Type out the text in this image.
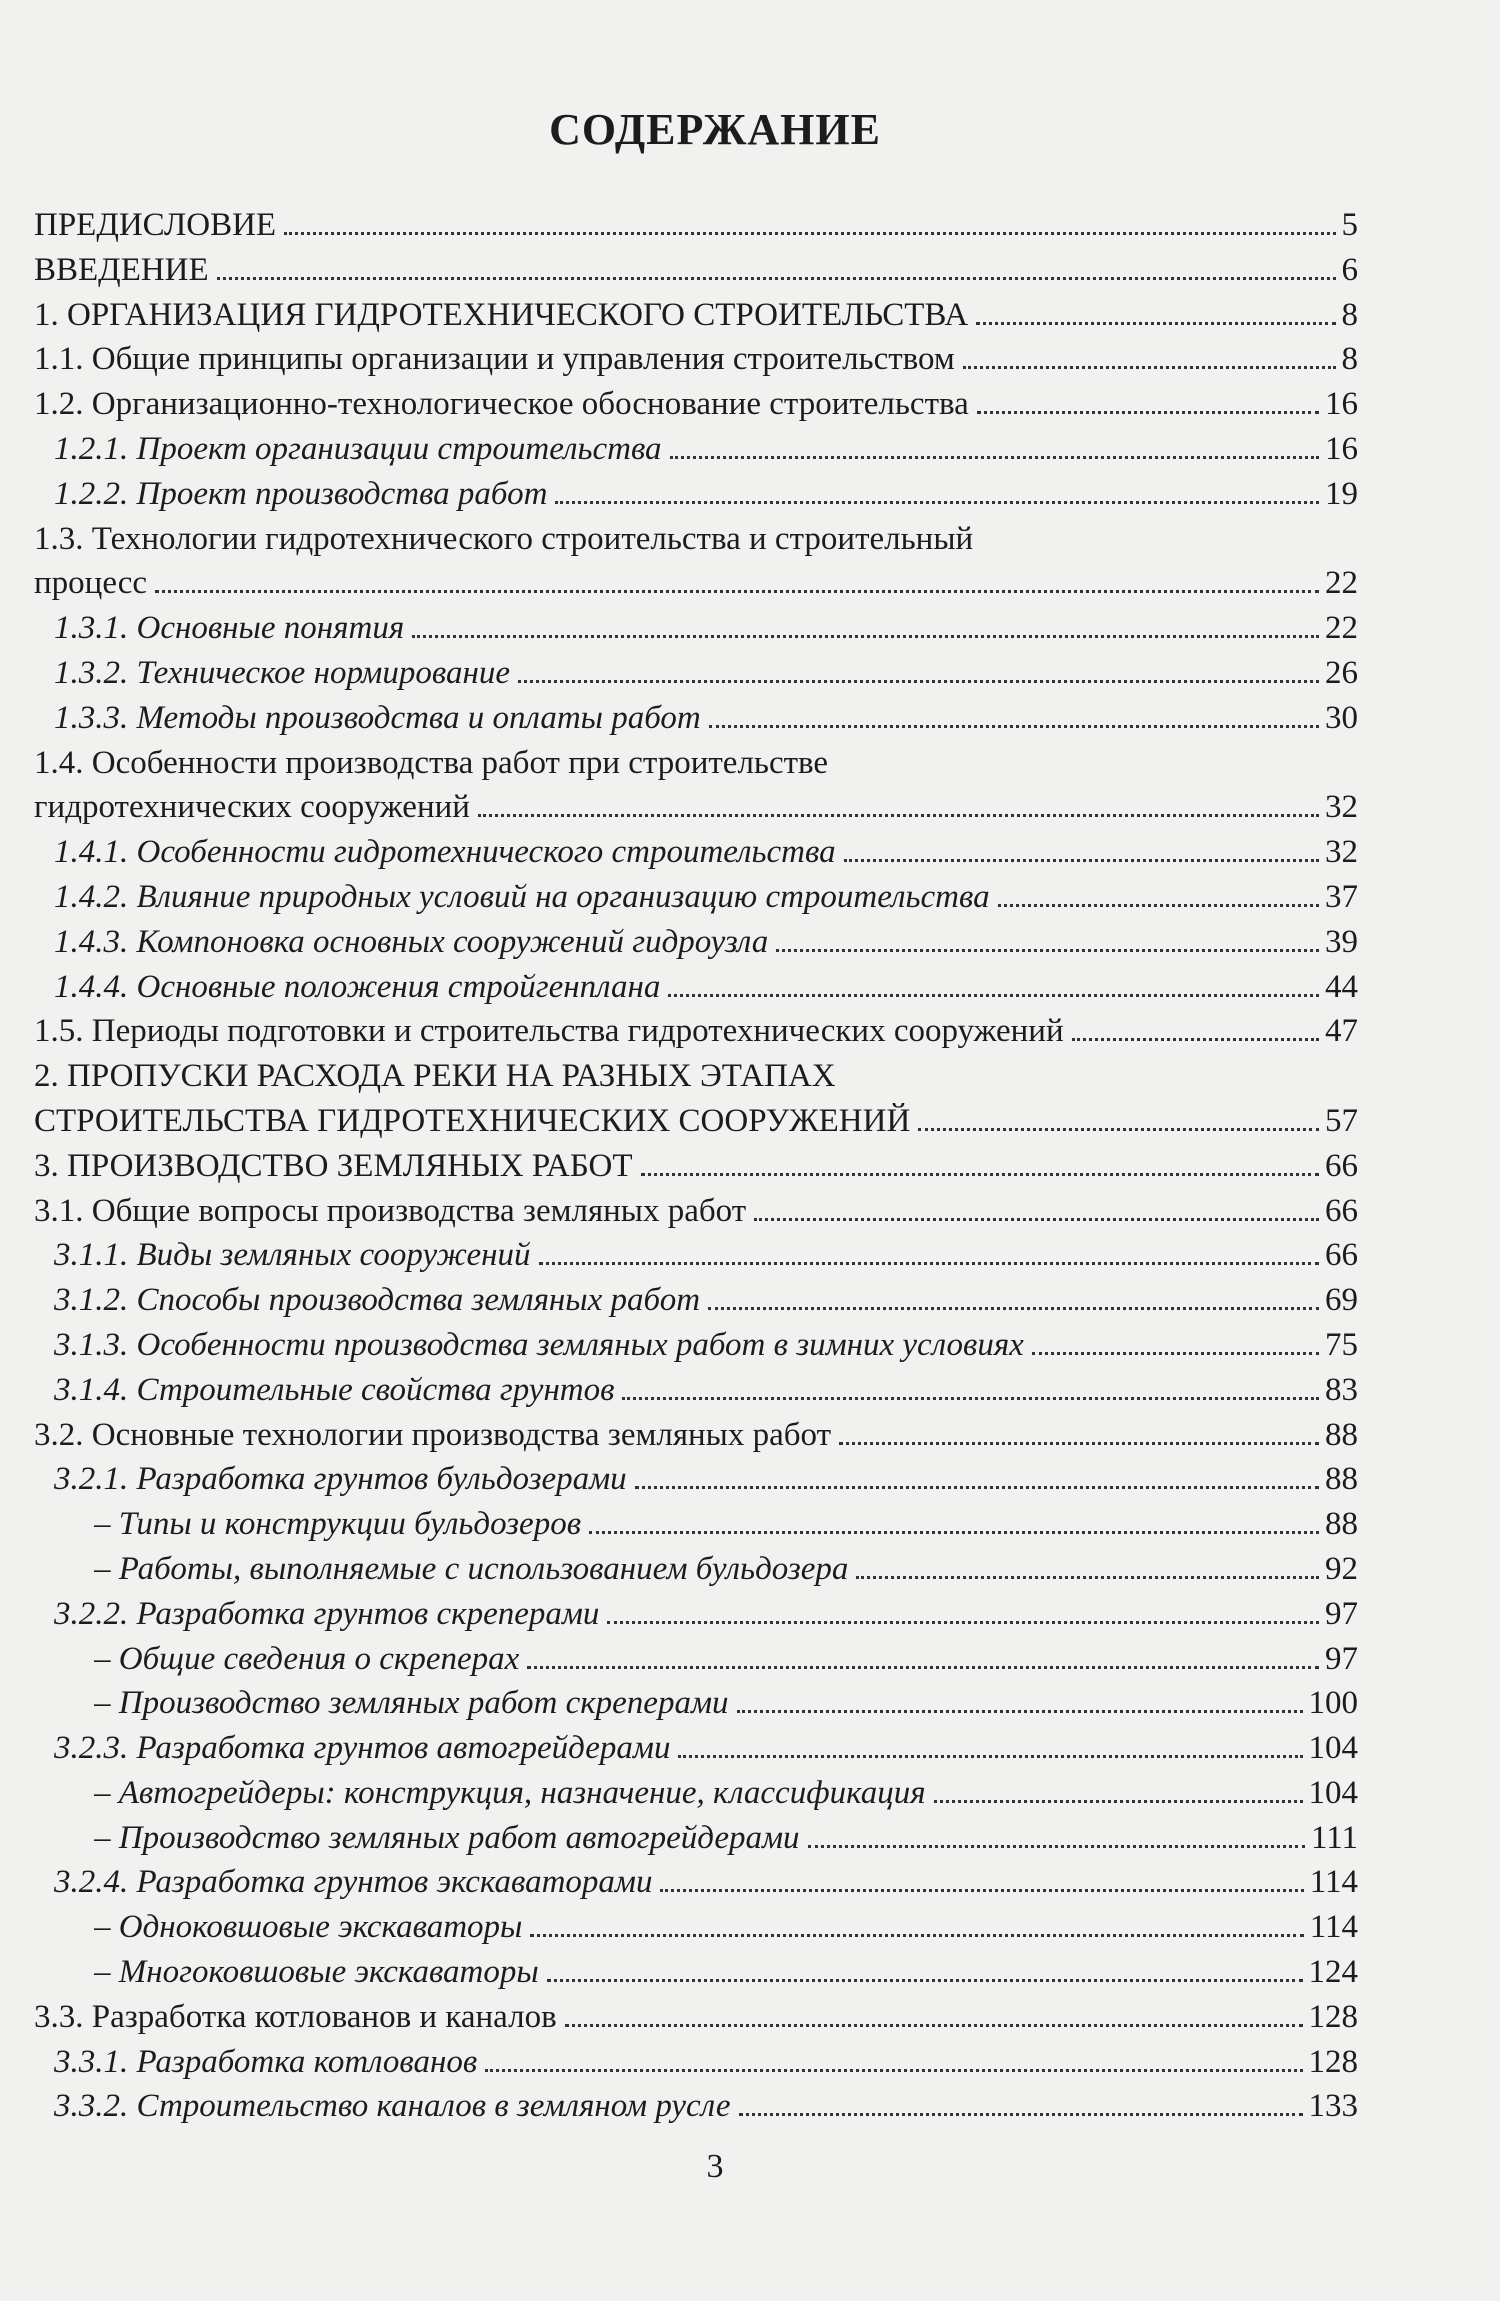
СОДЕРЖАНИЕ
ПРЕДИСЛОВИЕ	5
ВВЕДЕНИЕ	6
1. ОРГАНИЗАЦИЯ ГИДРОТЕХНИЧЕСКОГО СТРОИТЕЛЬСТВА	8
1.1. Общие принципы организации и управления строительством	8
1.2. Организационно-технологическое обоснование строительства	16
1.2.1. Проект организации строительства	16
1.2.2. Проект производства работ	19
1.3. Технологии гидротехнического строительства и строительный
процесс	22
1.3.1. Основные понятия	22
1.3.2. Техническое нормирование	26
1.3.3. Методы производства и оплаты работ	30
1.4. Особенности производства работ при строительстве
гидротехнических сооружений	32
1.4.1. Особенности гидротехнического строительства	32
1.4.2. Влияние природных условий на организацию строительства	37
1.4.3. Компоновка основных сооружений гидроузла	39
1.4.4. Основные положения стройгенплана	44
1.5. Периоды подготовки и строительства гидротехнических сооружений	47
2. ПРОПУСКИ РАСХОДА РЕКИ НА РАЗНЫХ ЭТАПАХ
СТРОИТЕЛЬСТВА ГИДРОТЕХНИЧЕСКИХ СООРУЖЕНИЙ	57
3. ПРОИЗВОДСТВО ЗЕМЛЯНЫХ РАБОТ	66
3.1. Общие вопросы производства земляных работ	66
3.1.1. Виды земляных сооружений	66
3.1.2. Способы производства земляных работ	69
3.1.3. Особенности производства земляных работ в зимних условиях	75
3.1.4. Строительные свойства грунтов	83
3.2. Основные технологии производства земляных работ	88
3.2.1. Разработка грунтов бульдозерами	88
– Типы и конструкции бульдозеров	88
– Работы, выполняемые с использованием бульдозера	92
3.2.2. Разработка грунтов скреперами	97
– Общие сведения о скреперах	97
– Производство земляных работ скреперами	100
3.2.3. Разработка грунтов автогрейдерами	104
– Автогрейдеры: конструкция, назначение, классификация	104
– Производство земляных работ автогрейдерами	111
3.2.4. Разработка грунтов экскаваторами	114
– Одноковшовые экскаваторы	114
– Многоковшовые экскаваторы	124
3.3. Разработка котлованов и каналов	128
3.3.1. Разработка котлованов	128
3.3.2. Строительство каналов в земляном русле	133
3
